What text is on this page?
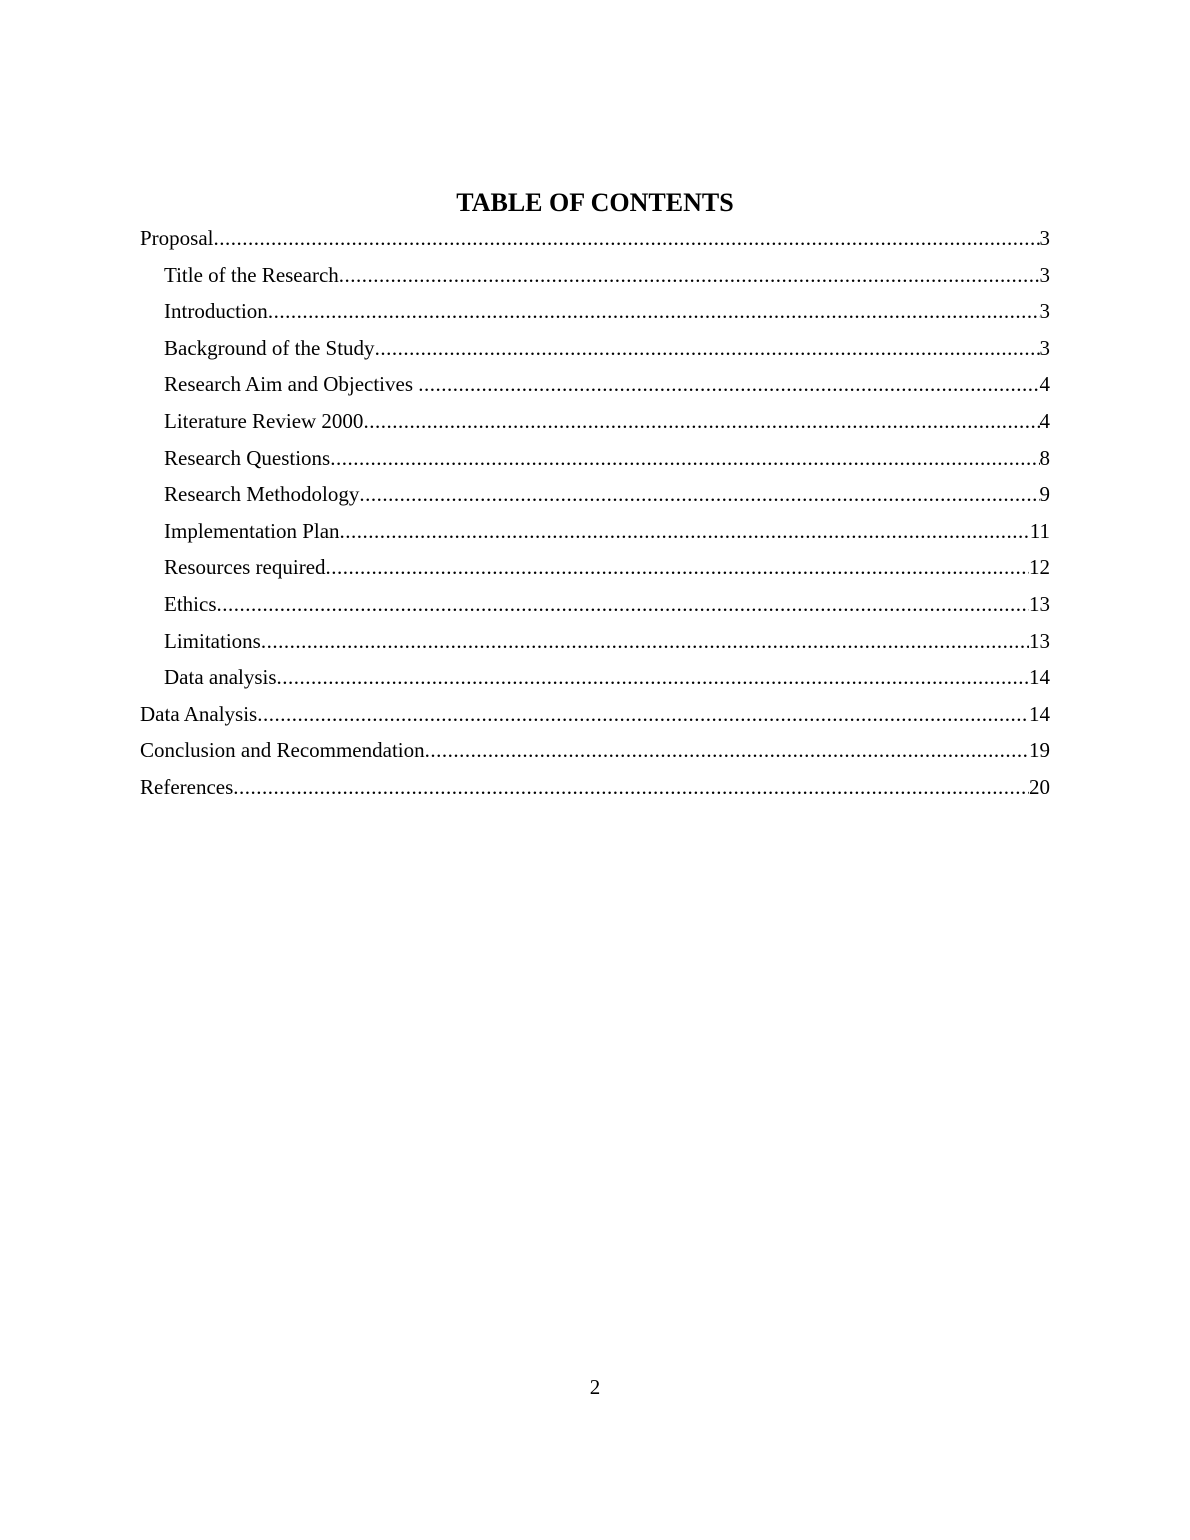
TABLE OF CONTENTS
Proposal .....	3
Title of the Research .....	3
Introduction .....	3
Background of the Study .....	3
Research Aim and Objectives .....	4
Literature Review 2000 .....	4
Research Questions .....	8
Research Methodology .....	9
Implementation Plan .....	11
Resources required .....	12
Ethics .....	13
Limitations .....	13
Data analysis .....	14
Data Analysis .....	14
Conclusion and Recommendation .....	19
References .....	20
2
